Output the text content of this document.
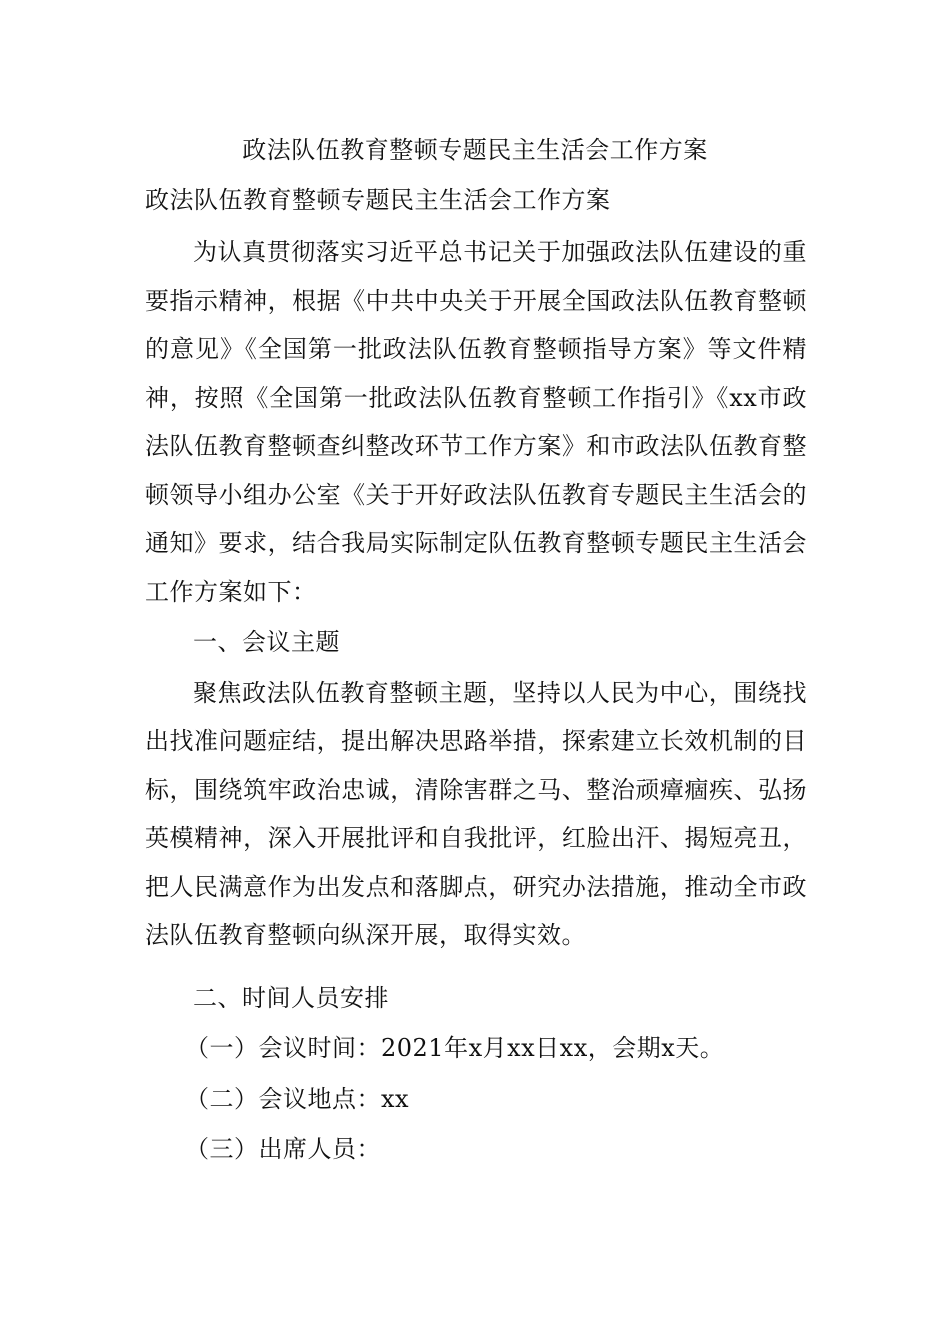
政法队伍教育整顿专题民主生活会工作方案
政法队伍教育整顿专题民主生活会工作方案

为认真贯彻落实习近平总书记关于加强政法队伍建设的重要指示精神，根据《中共中央关于开展全国政法队伍教育整顿的意见》《全国第一批政法队伍教育整顿指导方案》等文件精神，按照《全国第一批政法队伍教育整顿工作指引》《xx市政法队伍教育整顿查纠整改环节工作方案》和市政法队伍教育整顿领导小组办公室《关于开好政法队伍教育专题民主生活会的通知》要求，结合我局实际制定队伍教育整顿专题民主生活会工作方案如下：

一、会议主题

聚焦政法队伍教育整顿主题，坚持以人民为中心，围绕找出找准问题症结，提出解决思路举措，探索建立长效机制的目标，围绕筑牢政治忠诚，清除害群之马、整治顽瘴痼疾、弘扬英模精神，深入开展批评和自我批评，红脸出汗、揭短亮丑，把人民满意作为出发点和落脚点，研究办法措施，推动全市政法队伍教育整顿向纵深开展，取得实效。

二、时间人员安排

（一）会议时间：2021年x月xx日xx，会期x天。

（二）会议地点：xx

（三）出席人员：
